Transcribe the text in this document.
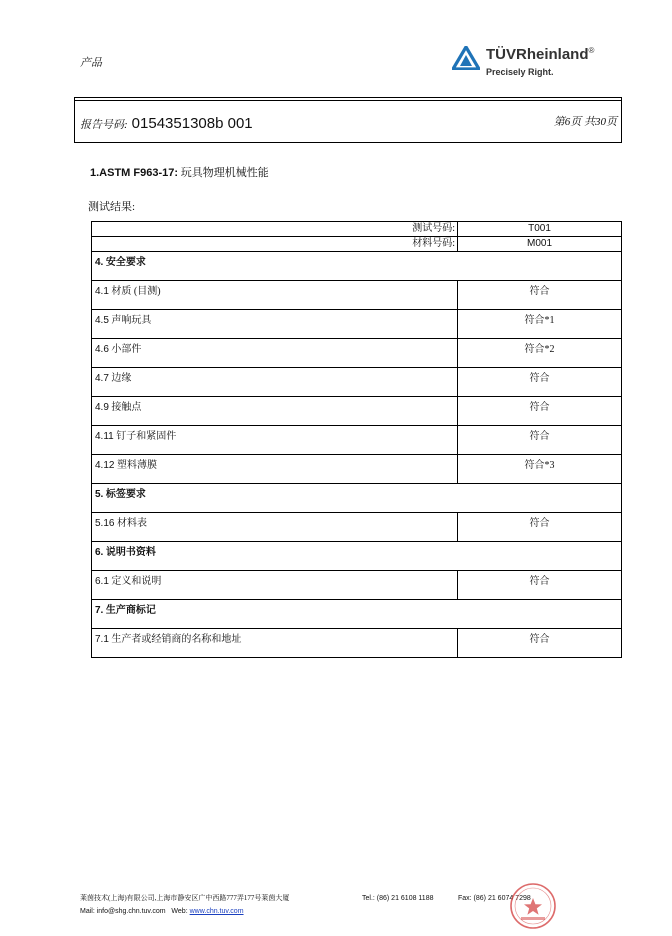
产品	TÜVRheinland®
Precisely Right.
报告号码: 0154351308b 001	第6页 共30页
1.ASTM F963-17: 玩具物理机械性能
测试结果:
测试号码:	T001
材料号码:	M001
4. 安全要求	
4.1 材质 (目测)	符合
4.5 声响玩具	符合*1
4.6 小部件	符合*2
4.7 边缘	符合
4.9 接触点	符合
4.11 钉子和紧固件	符合
4.12 塑料薄膜	符合*3
5. 标签要求	
5.16 材料表	符合
6. 说明书资料	
6.1 定义和说明	符合
7. 生产商标记	
7.1 生产者或经销商的名称和地址	符合
莱茵技术(上海)有限公司,上海市静安区广中西路777弄177号莱茵大厦	Tel.: (86) 21 6108 1188	Fax: (86) 21 6074 7298
Mail: info@shg.chn.tuv.com Web: www.chn.tuv.com
